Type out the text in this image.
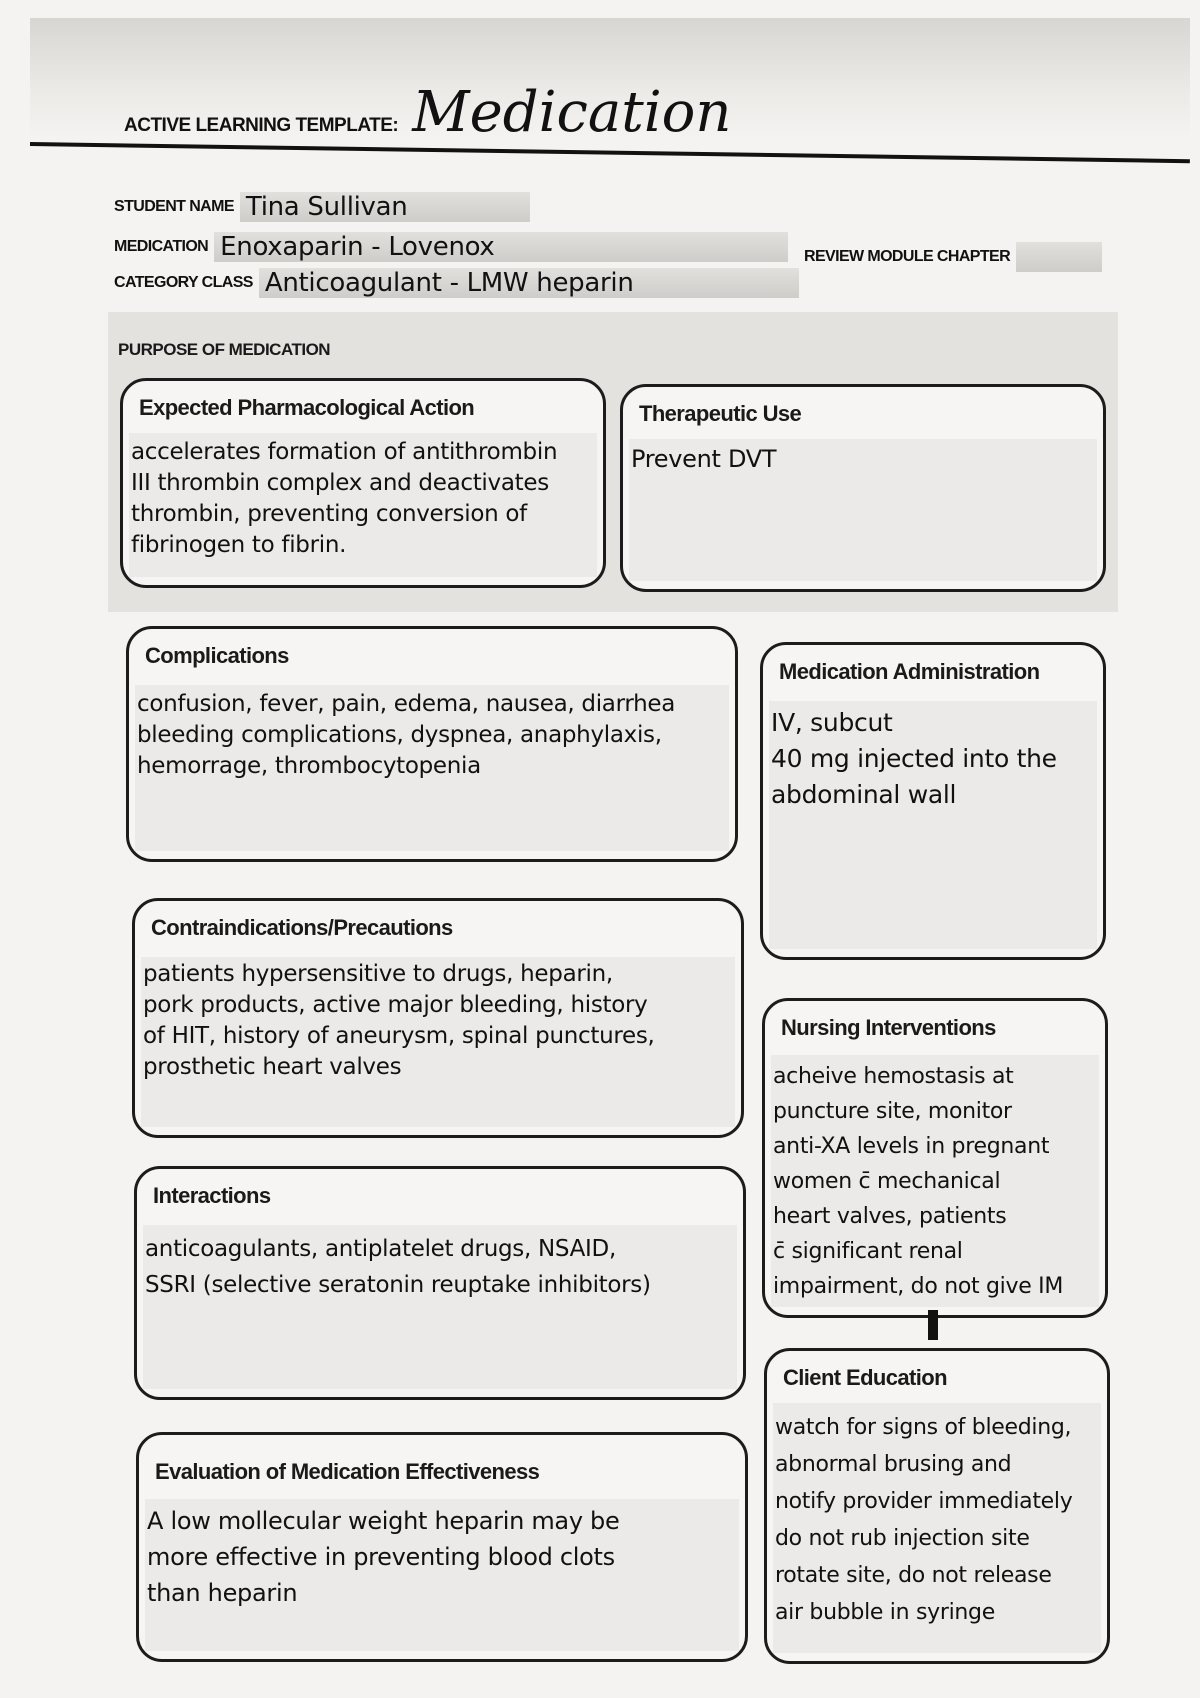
ACTIVE LEARNING TEMPLATE: Medication
STUDENT NAME Tina Sullivan
MEDICATION Enoxaparin - Lovenox
CATEGORY CLASS Anticoagulant - LMW heparin
REVIEW MODULE CHAPTER
PURPOSE OF MEDICATION
Expected Pharmacological Action
accelerates formation of antithrombin
III thrombin complex and deactivates
thrombin, preventing conversion of
fibrinogen to fibrin.
Therapeutic Use
Prevent DVT
Complications
confusion, fever, pain, edema, nausea, diarrhea
bleeding complications, dyspnea, anaphylaxis,
hemorrage, thrombocytopenia
Medication Administration
IV, subcut
40 mg injected into the
abdominal wall
Contraindications/Precautions
patients hypersensitive to drugs, heparin,
pork products, active major bleeding, history
of HIT, history of aneurysm, spinal punctures,
prosthetic heart valves
Nursing Interventions
acheive hemostasis at
puncture site, monitor
anti-XA levels in pregnant
women c̄ mechanical
heart valves, patients
c̄ significant renal
impairment, do not give IM
Interactions
anticoagulants, antiplatelet drugs, NSAID,
SSRI (selective seratonin reuptake inhibitors)
Client Education
watch for signs of bleeding,
abnormal brusing and
notify provider immediately
do not rub injection site
rotate site, do not release
air bubble in syringe
Evaluation of Medication Effectiveness
A low mollecular weight heparin may be
more effective in preventing blood clots
than heparin
